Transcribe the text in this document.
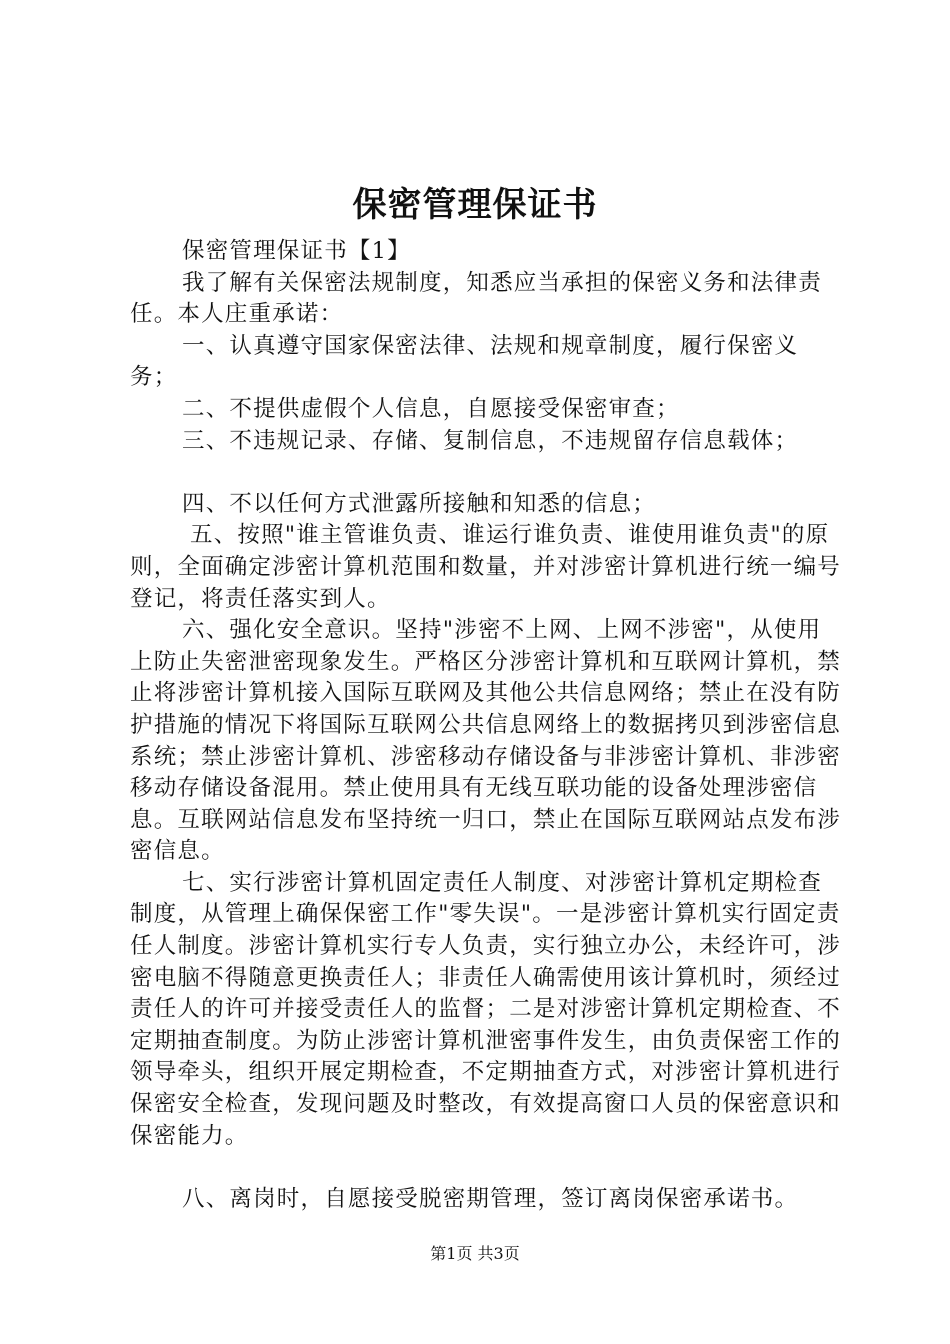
保密管理保证书

保密管理保证书【1】

我了解有关保密法规制度，知悉应当承担的保密义务和法律责任。本人庄重承诺：

一、认真遵守国家保密法律、法规和规章制度，履行保密义务；

二、不提供虚假个人信息，自愿接受保密审查；

三、不违规记录、存储、复制信息，不违规留存信息载体；

四、不以任何方式泄露所接触和知悉的信息；

五、按照"谁主管谁负责、谁运行谁负责、谁使用谁负责"的原则，全面确定涉密计算机范围和数量，并对涉密计算机进行统一编号登记，将责任落实到人。

六、强化安全意识。坚持"涉密不上网、上网不涉密"，从使用上防止失密泄密现象发生。严格区分涉密计算机和互联网计算机，禁止将涉密计算机接入国际互联网及其他公共信息网络；禁止在没有防护措施的情况下将国际互联网公共信息网络上的数据拷贝到涉密信息系统；禁止涉密计算机、涉密移动存储设备与非涉密计算机、非涉密移动存储设备混用。禁止使用具有无线互联功能的设备处理涉密信息。互联网站信息发布坚持统一归口，禁止在国际互联网站点发布涉密信息。

七、实行涉密计算机固定责任人制度、对涉密计算机定期检查制度，从管理上确保保密工作"零失误"。一是涉密计算机实行固定责任人制度。涉密计算机实行专人负责，实行独立办公，未经许可，涉密电脑不得随意更换责任人；非责任人确需使用该计算机时，须经过责任人的许可并接受责任人的监督；二是对涉密计算机定期检查、不定期抽查制度。为防止涉密计算机泄密事件发生，由负责保密工作的领导牵头，组织开展定期检查，不定期抽查方式，对涉密计算机进行保密安全检查，发现问题及时整改，有效提高窗口人员的保密意识和保密能力。

八、离岗时，自愿接受脱密期管理，签订离岗保密承诺书。

第1页 共3页
